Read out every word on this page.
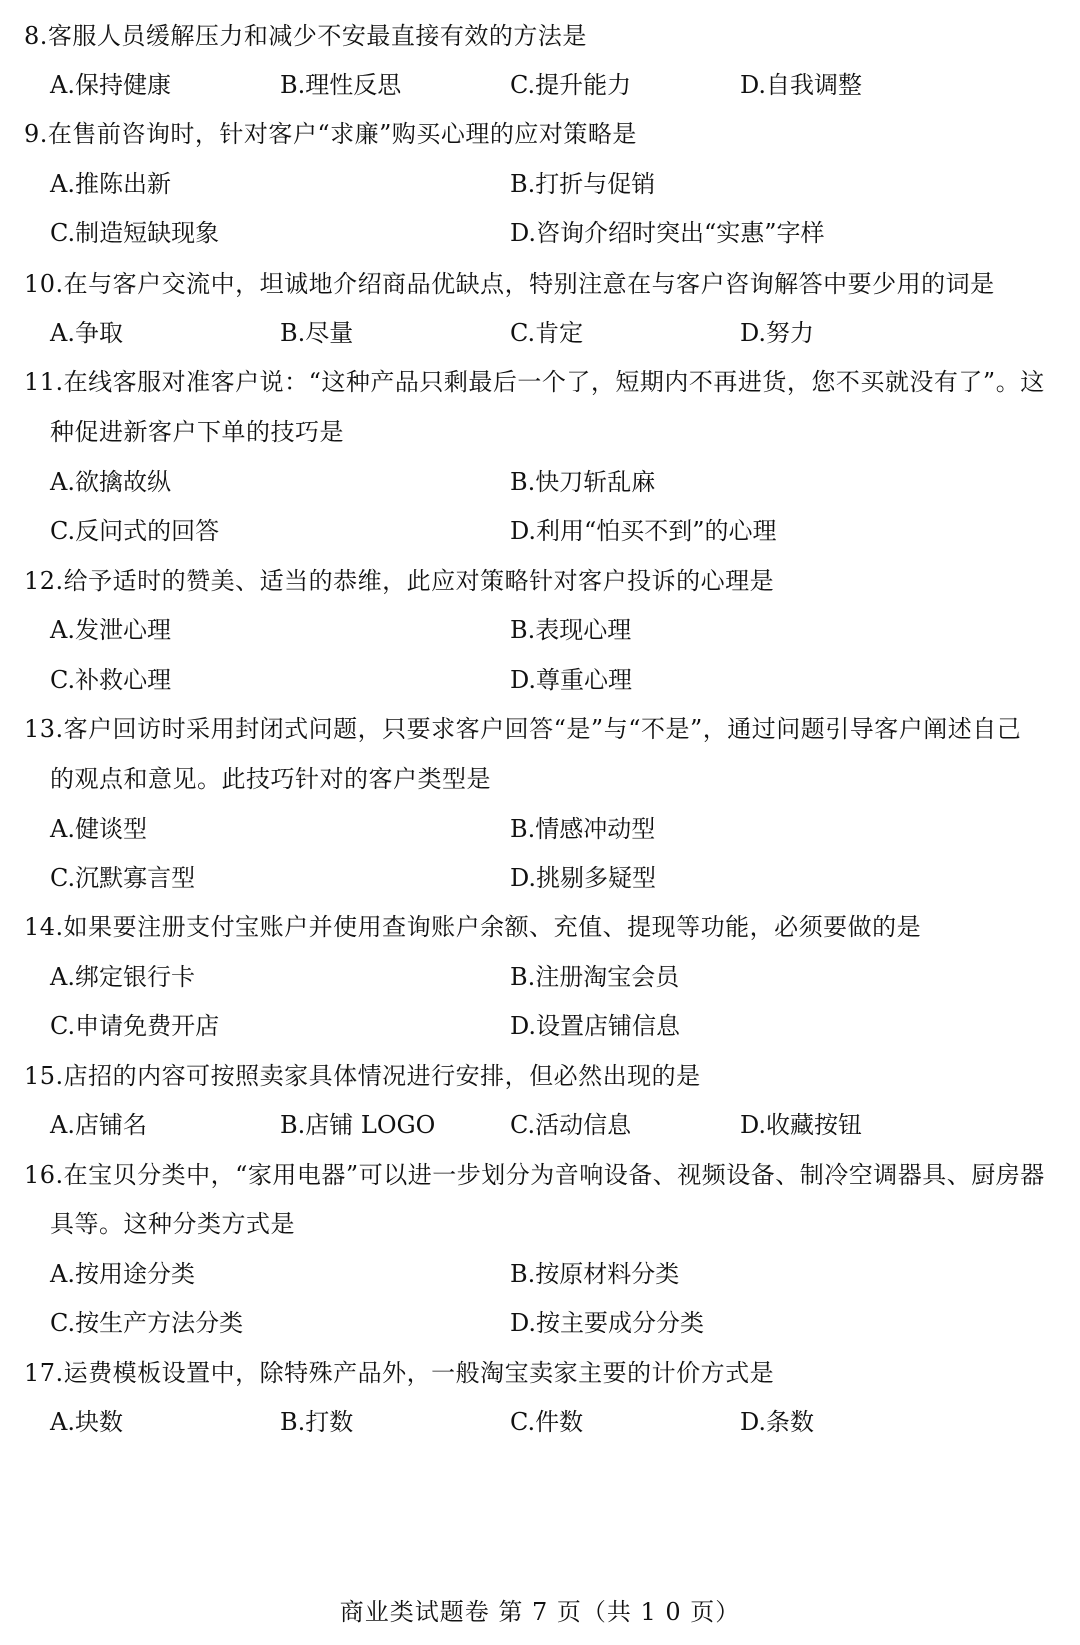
8.客服人员缓解压力和减少不安最直接有效的方法是
A.保持健康	B.理性反思	C.提升能力	D.自我调整
9.在售前咨询时，针对客户“求廉”购买心理的应对策略是
A.推陈出新	B.打折与促销
C.制造短缺现象	D.咨询介绍时突出“实惠”字样
10.在与客户交流中，坦诚地介绍商品优缺点，特别注意在与客户咨询解答中要少用的词是
A.争取	B.尽量	C.肯定	D.努力
11.在线客服对准客户说：“这种产品只剩最后一个了，短期内不再进货，您不买就没有了”。这
种促进新客户下单的技巧是
A.欲擒故纵	B.快刀斩乱麻
C.反问式的回答	D.利用“怕买不到”的心理
12.给予适时的赞美、适当的恭维，此应对策略针对客户投诉的心理是
A.发泄心理	B.表现心理
C.补救心理	D.尊重心理
13.客户回访时采用封闭式问题，只要求客户回答“是”与“不是”，通过问题引导客户阐述自己
的观点和意见。此技巧针对的客户类型是
A.健谈型	B.情感冲动型
C.沉默寡言型	D.挑剔多疑型
14.如果要注册支付宝账户并使用查询账户余额、充值、提现等功能，必须要做的是
A.绑定银行卡	B.注册淘宝会员
C.申请免费开店	D.设置店铺信息
15.店招的内容可按照卖家具体情况进行安排，但必然出现的是
A.店铺名	B.店铺 LOGO	C.活动信息	D.收藏按钮
16.在宝贝分类中，“家用电器”可以进一步划分为音响设备、视频设备、制冷空调器具、厨房器
具等。这种分类方式是
A.按用途分类	B.按原材料分类
C.按生产方法分类	D.按主要成分分类
17.运费模板设置中，除特殊产品外，一般淘宝卖家主要的计价方式是
A.块数	B.打数	C.件数	D.条数
商业类试题卷 第 7 页（共 1 0 页）
